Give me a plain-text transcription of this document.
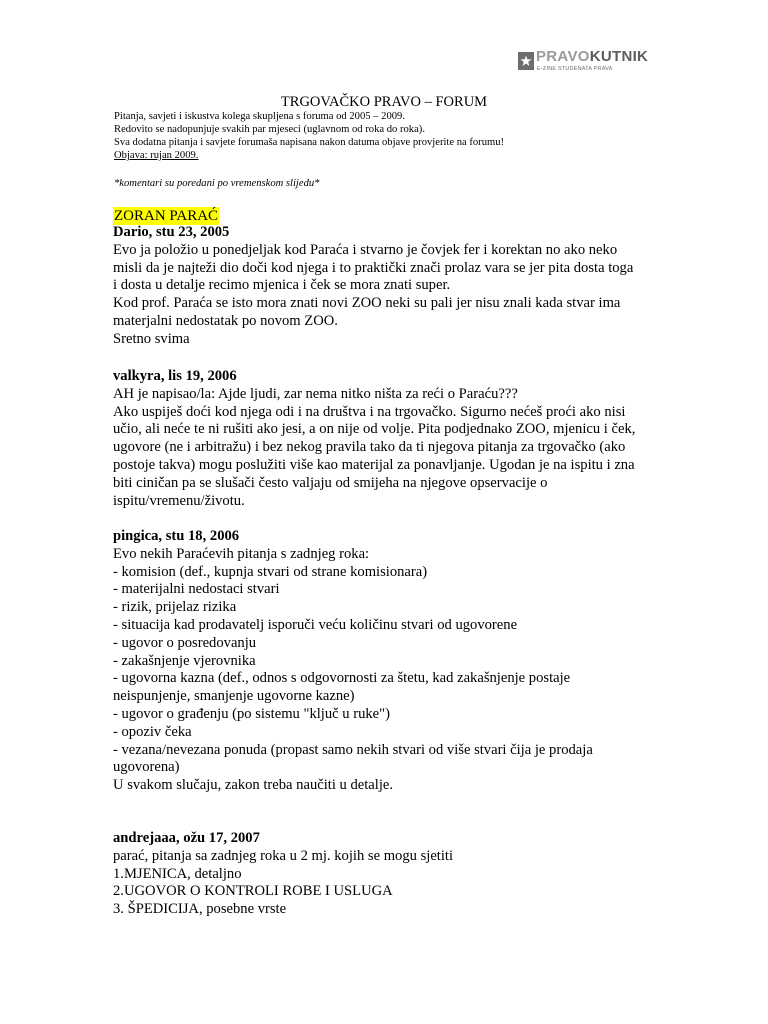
PRAVOKUTNIK
E-ZINE STUDENATA PRAVA
TRGOVAČKO PRAVO – FORUM
Pitanja, savjeti i iskustva kolega skupljena s foruma od 2005 – 2009.
Redovito se nadopunjuje svakih par mjeseci (uglavnom od roka do roka).
Sva dodatna pitanja i savjete forumaša napisana nakon datuma objave provjerite na forumu!
Objava: rujan 2009.
*komentari su poredani po vremenskom slijedu*
ZORAN PARAĆ
Dario, stu 23, 2005
Evo ja položio u ponedjeljak kod Paraća i stvarno je čovjek fer i korektan no ako neko
misli da je najteži dio doči kod njega i to praktički znači prolaz vara se jer pita dosta toga
i dosta u detalje recimo mjenica i ček se mora znati super.
Kod prof. Paraća se isto mora znati novi ZOO neki su pali jer nisu znali kada stvar ima
materjalni nedostatak po novom ZOO.
Sretno svima
valkyra, lis 19, 2006
AH je napisao/la: Ajde ljudi, zar nema nitko ništa za reći o Paraću???
Ako uspiješ doći kod njega odi i na društva i na trgovačko. Sigurno nećeš proći ako nisi
učio, ali neće te ni rušiti ako jesi, a on nije od volje. Pita podjednako ZOO, mjenicu i ček,
ugovore (ne i arbitražu) i bez nekog pravila tako da ti njegova pitanja za trgovačko (ako
postoje takva) mogu poslužiti više kao materijal za ponavljanje. Ugodan je na ispitu i zna
biti ciničan pa se slušači često valjaju od smijeha na njegove opservacije o
ispitu/vremenu/životu.
pingica, stu 18, 2006
Evo nekih Paraćevih pitanja s zadnjeg roka:
- komision (def., kupnja stvari od strane komisionara)
- materijalni nedostaci stvari
- rizik, prijelaz rizika
- situacija kad prodavatelj isporuči veću količinu stvari od ugovorene
- ugovor o posredovanju
- zakašnjenje vjerovnika
- ugovorna kazna (def., odnos s odgovornosti za štetu, kad zakašnjenje postaje
neispunjenje, smanjenje ugovorne kazne)
- ugovor o građenju (po sistemu "ključ u ruke")
- opoziv čeka
- vezana/nevezana ponuda (propast samo nekih stvari od više stvari čija je prodaja
ugovorena)
U svakom slučaju, zakon treba naučiti u detalje.
andrejaaa, ožu 17, 2007
parać, pitanja sa zadnjeg roka u 2 mj. kojih se mogu sjetiti
1.MJENICA, detaljno
2.UGOVOR O KONTROLI ROBE I USLUGA
3. ŠPEDICIJA, posebne vrste
